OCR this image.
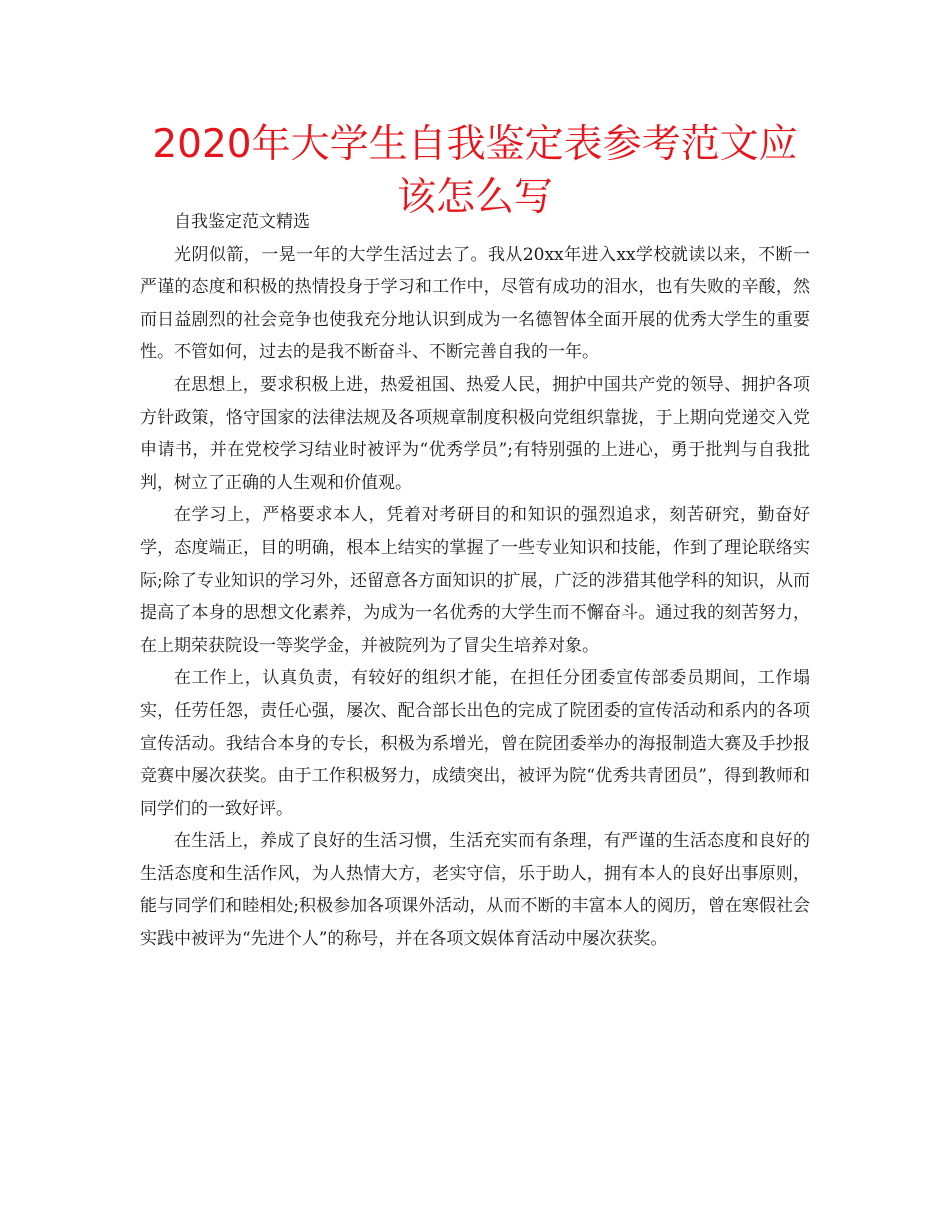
2020年大学生自我鉴定表参考范文应该怎么写

自我鉴定范文精选

光阴似箭，一晃一年的大学生活过去了。我从20xx年进入xx学校就读以来，不断一严谨的态度和积极的热情投身于学习和工作中，尽管有成功的泪水，也有失败的辛酸，然而日益剧烈的社会竞争也使我充分地认识到成为一名德智体全面开展的优秀大学生的重要性。不管如何，过去的是我不断奋斗、不断完善自我的一年。

在思想上，要求积极上进，热爱祖国、热爱人民，拥护中国共产党的领导、拥护各项方针政策，恪守国家的法律法规及各项规章制度积极向党组织靠拢，于上期向党递交入党申请书，并在党校学习结业时被评为“优秀学员”;有特别强的上进心，勇于批判与自我批判，树立了正确的人生观和价值观。

在学习上，严格要求本人，凭着对考研目的和知识的强烈追求，刻苦研究，勤奋好学，态度端正，目的明确，根本上结实的掌握了一些专业知识和技能，作到了理论联络实际;除了专业知识的学习外，还留意各方面知识的扩展，广泛的涉猎其他学科的知识，从而提高了本身的思想文化素养，为成为一名优秀的大学生而不懈奋斗。通过我的刻苦努力，在上期荣获院设一等奖学金，并被院列为了冒尖生培养对象。

在工作上，认真负责，有较好的组织才能，在担任分团委宣传部委员期间，工作塌实，任劳任怨，责任心强，屡次、配合部长出色的完成了院团委的宣传活动和系内的各项宣传活动。我结合本身的专长，积极为系增光，曾在院团委举办的海报制造大赛及手抄报竞赛中屡次获奖。由于工作积极努力，成绩突出，被评为院“优秀共青团员”，得到教师和同学们的一致好评。

在生活上，养成了良好的生活习惯，生活充实而有条理，有严谨的生活态度和良好的生活态度和生活作风，为人热情大方，老实守信，乐于助人，拥有本人的良好出事原则，能与同学们和睦相处;积极参加各项课外活动，从而不断的丰富本人的阅历，曾在寒假社会实践中被评为“先进个人”的称号，并在各项文娱体育活动中屡次获奖。
